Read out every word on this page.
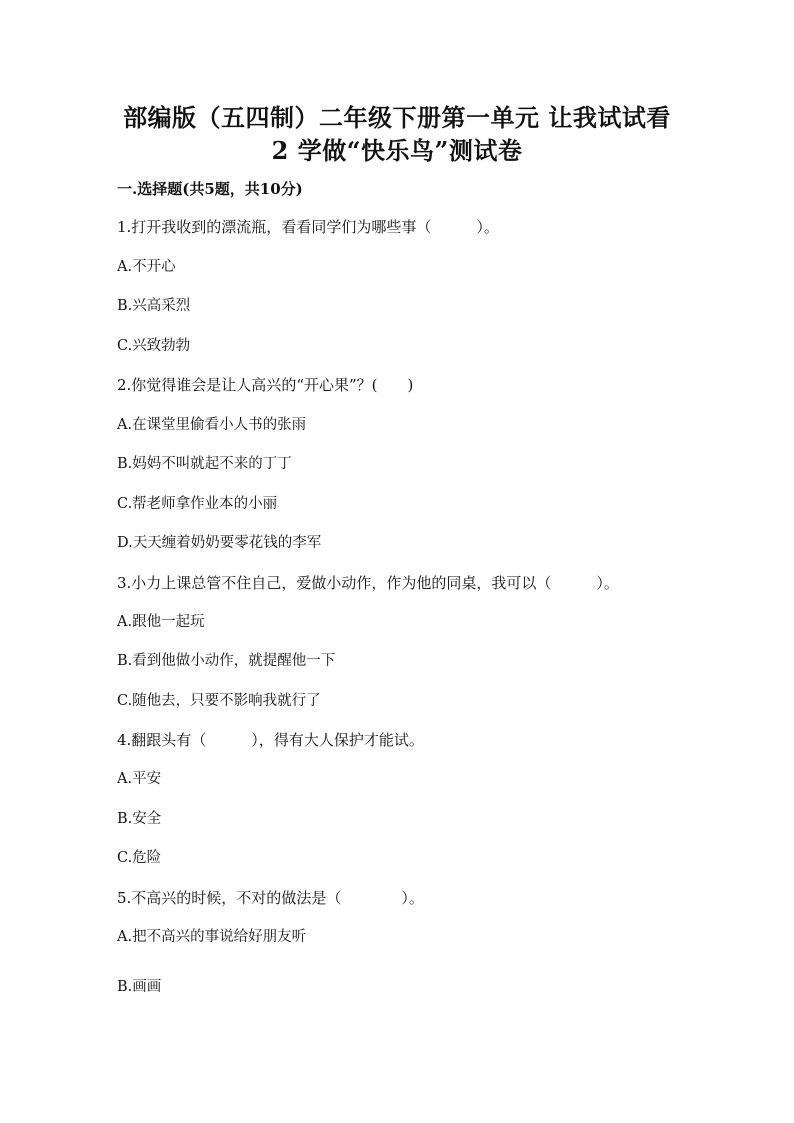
部编版（五四制）二年级下册第一单元 让我试试看
2 学做“快乐鸟”测试卷
一.选择题(共5题，共10分)
1.打开我收到的漂流瓶，看看同学们为哪些事（　　　）。
A.不开心
B.兴高采烈
C.兴致勃勃
2.你觉得谁会是让人高兴的“开心果”？(　　)
A.在课堂里偷看小人书的张雨
B.妈妈不叫就起不来的丁丁
C.帮老师拿作业本的小丽
D.天天缠着奶奶要零花钱的李军
3.小力上课总管不住自己，爱做小动作，作为他的同桌，我可以（　　　）。
A.跟他一起玩
B.看到他做小动作，就提醒他一下
C.随他去，只要不影响我就行了
4.翻跟头有（　　　），得有大人保护才能试。
A.平安
B.安全
C.危险
5.不高兴的时候，不对的做法是（　　　　）。
A.把不高兴的事说给好朋友听
B.画画
